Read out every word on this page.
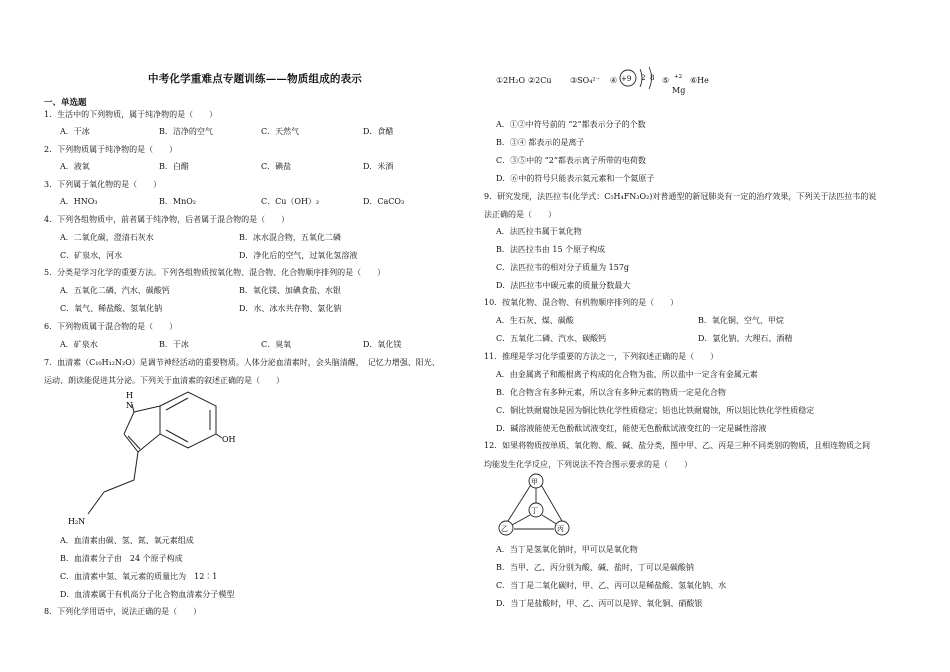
中考化学重难点专题训练——物质组成的表示
一、单选题
1．生活中的下列物质，属于纯净物的是（　　）
A．干冰	B．洁净的空气	C．天然气	D．食醋
2．下列物质属于纯净物的是（　　）
A．液氧	B．白醋	C．碘盐	D．米酒
3．下列属于氧化物的是（　　）
A．HNO₃	B．MnO₂	C．Cu（OH）₂	D．CaCO₃
4．下列各组物质中，前者属于纯净物，后者属于混合物的是（　　）
A．二氧化碳，澄清石灰水	B．冰水混合物，五氧化二磷
C．矿泉水，河水	D．净化后的空气，过氧化氢溶液
5．分类是学习化学的重要方法。下列各组物质按氧化物、混合物、化合物顺序排列的是（　　）
A．五氧化二磷、汽水、碳酸钙	B．氧化镁、加碘食盐、水银
C．氧气、稀盐酸、氢氧化钠	D．水、冰水共存物、氯化钠
6．下列物质属于混合物的是（　　）
A．矿泉水	B．干冰	C．臭氧	D．氧化镁
7．血清素（C₁₀H₁₂N₂O）是调节神经活动的重要物质。人体分泌血清素时，会头脑清醒，　记忆力增强、阳光、
运动、朗读能促进其分泌。下列关于血清素的叙述正确的是（　　）
A．血清素由碳、氢、氮、氧元素组成
B．血清素分子由　24 个原子构成
C．血清素中氢、氧元素的质量比为　12∶1
D．血清素属于有机高分子化合物血清素分子模型
8．下列化学用语中，说法正确的是（　　）
H
N
OH
H₂N
①2H₂O ②2Cu ③SO₄²⁻ ④	⑤ +2
Mg
⑥He
A．①②中符号前的 “2”都表示分子的个数
B．③④ 都表示的是离子
C．③⑤中的 “2”都表示离子所带的电荷数
D．⑥中的符号只能表示氦元素和一个氦原子
9．研究发现，法匹拉韦(化学式：C₅H₄FN₃O₂)对普通型的新冠肺炎有一定的治疗效果，下列关于法匹拉韦的说
法正确的是（　　）
A．法匹拉韦属于氧化物
B．法匹拉韦由 15 个原子构成
C．法匹拉韦的相对分子质量为 157g
D．法匹拉韦中碳元素的质量分数最大
10．按氧化物、混合物、有机物顺序排列的是（　　）
A．生石灰、煤、碳酸	B．氧化铜、空气、甲烷
C．五氧化二磷、汽水、碳酸钙	D．氯化钠、大理石、酒精
11．推理是学习化学重要的方法之一，下列叙述正确的是（　　）
A．由金属离子和酸根离子构成的化合物为盐，所以盐中一定含有金属元素
B．化合物含有多种元素，所以含有多种元素的物质一定是化合物
C．铜比铁耐腐蚀是因为铜比铁化学性质稳定；铝也比铁耐腐蚀，所以铝比铁化学性质稳定
D．碱溶液能使无色酚酞试液变红，能使无色酚酞试液变红的一定是碱性溶液
12．如果将物质按单质、氧化物、酸、碱、盐分类，图中甲、乙、丙是三种不同类别的物质，且相连物质之间
均能发生化学反应，下列说法不符合图示要求的是（　　）
A．当丁是氢氧化钠时，甲可以是氧化物
B．当甲、乙、丙分别为酸、碱、盐时，丁可以是碳酸钠
C．当丁是二氧化碳时，甲、乙、丙可以是稀盐酸、氢氧化钠、水
D．当丁是盐酸时，甲、乙、丙可以是锌、氧化铜、硝酸银
+9 2 8
甲
丁
乙	丙
